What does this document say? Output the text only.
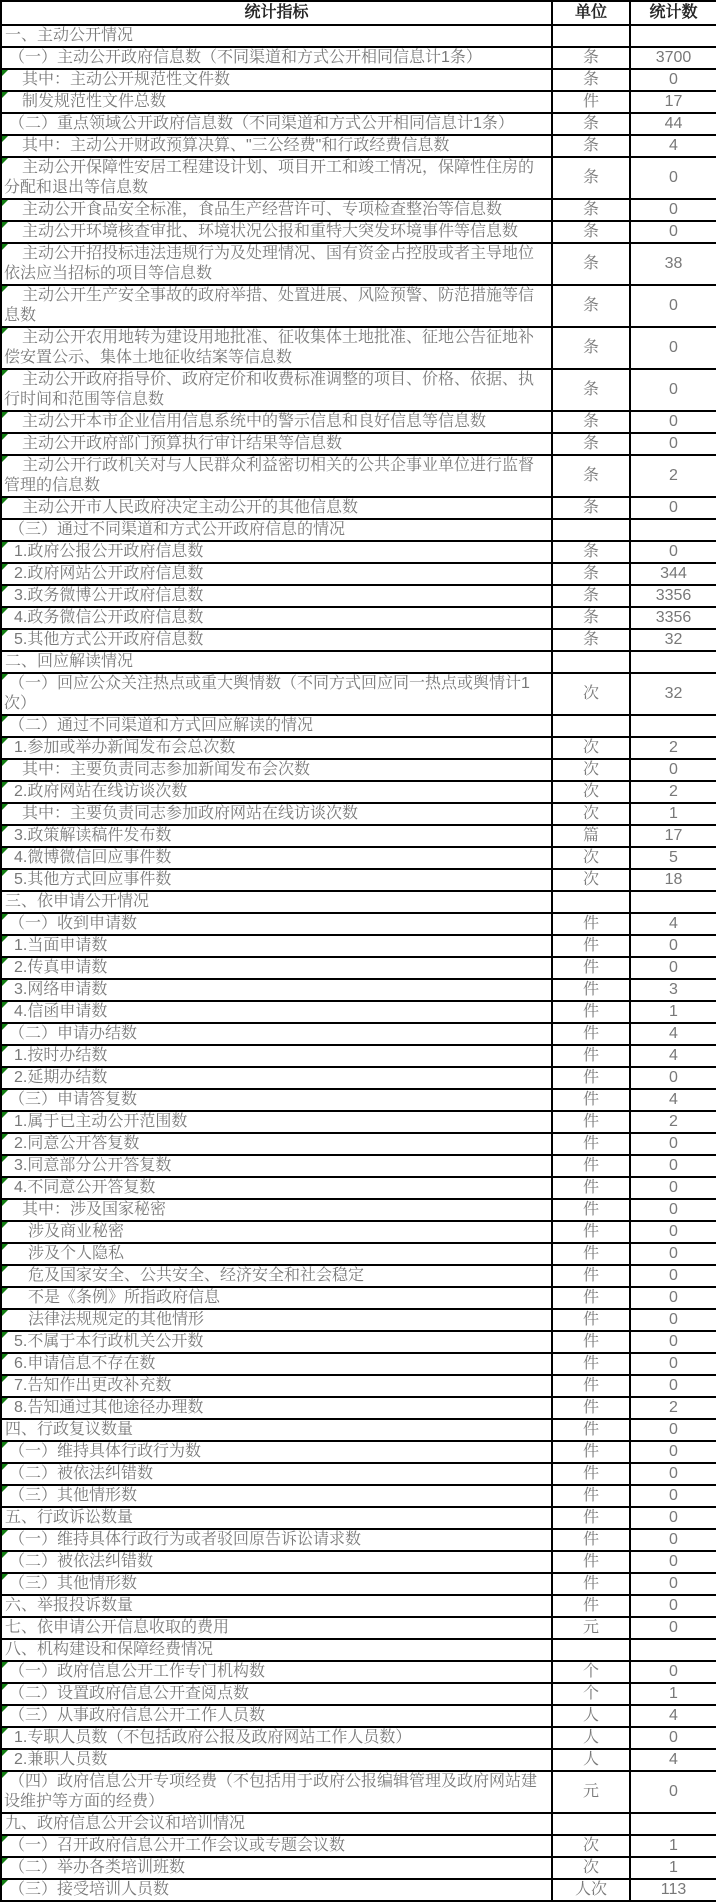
统计指标	单位	统计数
一、主动公开情况		
（一）主动公开政府信息数（不同渠道和方式公开相同信息计1条）	条	3700
其中：主动公开规范性文件数	条	0
制发规范性文件总数	件	17
（二）重点领域公开政府信息数（不同渠道和方式公开相同信息计1条）	条	44
其中：主动公开财政预算决算、"三公经费"和行政经费信息数	条	4
主动公开保障性安居工程建设计划、项目开工和竣工情况，保障性住房的分配和退出等信息数	条	0
主动公开食品安全标准，食品生产经营许可、专项检查整治等信息数	条	0
主动公开环境核查审批、环境状况公报和重特大突发环境事件等信息数	条	0
主动公开招投标违法违规行为及处理情况、国有资金占控股或者主导地位依法应当招标的项目等信息数	条	38
主动公开生产安全事故的政府举措、处置进展、风险预警、防范措施等信息数	条	0
主动公开农用地转为建设用地批准、征收集体土地批准、征地公告征地补偿安置公示、集体土地征收结案等信息数	条	0
主动公开政府指导价、政府定价和收费标准调整的项目、价格、依据、执行时间和范围等信息数	条	0
主动公开本市企业信用信息系统中的警示信息和良好信息等信息数	条	0
主动公开政府部门预算执行审计结果等信息数	条	0
主动公开行政机关对与人民群众利益密切相关的公共企事业单位进行监督管理的信息数	条	2
主动公开市人民政府决定主动公开的其他信息数	条	0
（三）通过不同渠道和方式公开政府信息的情况		
1.政府公报公开政府信息数	条	0
2.政府网站公开政府信息数	条	344
3.政务微博公开政府信息数	条	3356
4.政务微信公开政府信息数	条	3356
5.其他方式公开政府信息数	条	32
二、回应解读情况		
（一）回应公众关注热点或重大舆情数（不同方式回应同一热点或舆情计1次）	次	32
（二）通过不同渠道和方式回应解读的情况

1.参加或举办新闻发布会总次数	次	2
其中：主要负责同志参加新闻发布会次数	次	0
2.政府网站在线访谈次数	次	2
其中：主要负责同志参加政府网站在线访谈次数	次	1
3.政策解读稿件发布数	篇	17
4.微博微信回应事件数	次	5
5.其他方式回应事件数	次	18
三、依申请公开情况		
（一）收到申请数	件	4
1.当面申请数	件	0
2.传真申请数	件	0
3.网络申请数	件	3
4.信函申请数	件	1
（二）申请办结数	件	4
1.按时办结数	件	4
2.延期办结数	件	0
（三）申请答复数	件	4
1.属于已主动公开范围数	件	2
2.同意公开答复数	件	0
3.同意部分公开答复数	件	0
4.不同意公开答复数	件	0
其中：涉及国家秘密	件	0
涉及商业秘密	件	0
涉及个人隐私	件	0
危及国家安全、公共安全、经济安全和社会稳定	件	0
不是《条例》所指政府信息	件	0
法律法规规定的其他情形	件	0
5.不属于本行政机关公开数	件	0
6.申请信息不存在数	件	0
7.告知作出更改补充数	件	0
8.告知通过其他途径办理数	件	2
四、行政复议数量	件	0
（一）维持具体行政行为数	件	0
（二）被依法纠错数	件	0
（三）其他情形数	件	0
五、行政诉讼数量	件	0
（一）维持具体行政行为或者驳回原告诉讼请求数	件	0
（二）被依法纠错数	件	0
（三）其他情形数	件	0
六、举报投诉数量	件	0
七、依申请公开信息收取的费用	元	0
八、机构建设和保障经费情况		
（一）政府信息公开工作专门机构数	个	0
（二）设置政府信息公开查阅点数	个	1
（三）从事政府信息公开工作人员数	人	4
1.专职人员数（不包括政府公报及政府网站工作人员数）	人	0
2.兼职人员数	人	4
（四）政府信息公开专项经费（不包括用于政府公报编辑管理及政府网站建设维护等方面的经费）	元	0
九、政府信息公开会议和培训情况		
（一）召开政府信息公开工作会议或专题会议数	次	1
（二）举办各类培训班数	次	1
（三）接受培训人员数	人次	113
